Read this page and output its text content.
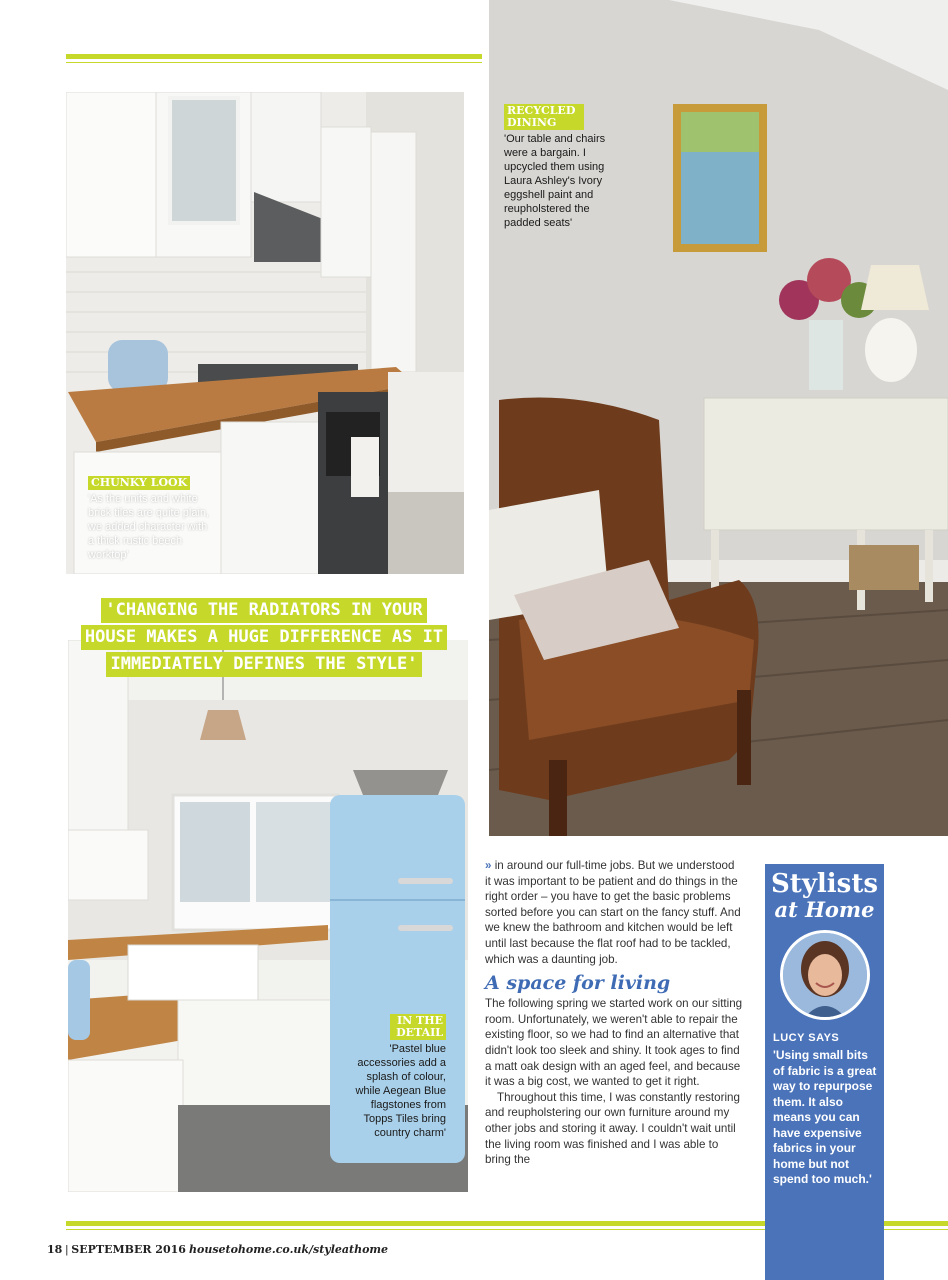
RECYCLED DINING
'Our table and chairs were a bargain. I upcycled them using Laura Ashley's Ivory eggshell paint and reupholstered the padded seats'
CHUNKY LOOK
'As the units and white brick tiles are quite plain, we added character with a thick rustic beech worktop'
IN THE DETAIL
'Pastel blue accessories add a splash of colour, while Aegean Blue flagstones from Topps Tiles bring country charm'
'CHANGING THE RADIATORS IN YOUR
HOUSE MAKES A HUGE DIFFERENCE AS IT
IMMEDIATELY DEFINES THE STYLE'

» in around our full-time jobs. But we understood it was important to be patient and do things in the right order – you have to get the basic problems sorted before you can start on the fancy stuff. And we knew the bathroom and kitchen would be left until last because the flat roof had to be tackled, which was a daunting job.

A space for living

The following spring we started work on our sitting room. Unfortunately, we weren't able to repair the existing floor, so we had to find an alternative that didn't look too sleek and shiny. It took ages to find a matt oak design with an aged feel, and because it was a big cost, we wanted to get it right.

Throughout this time, I was constantly restoring and reupholstering our own furniture around my other jobs and storing it away. I couldn't wait until the living room was finished and I was able to bring the

Stylists
at Home
LUCY SAYS
'Using small bits of fabric is a great way to repurpose them. It also means you can have expensive fabrics in your home but not spend too much.'
18 | SEPTEMBER 2016 housetohome.co.uk/styleathome
